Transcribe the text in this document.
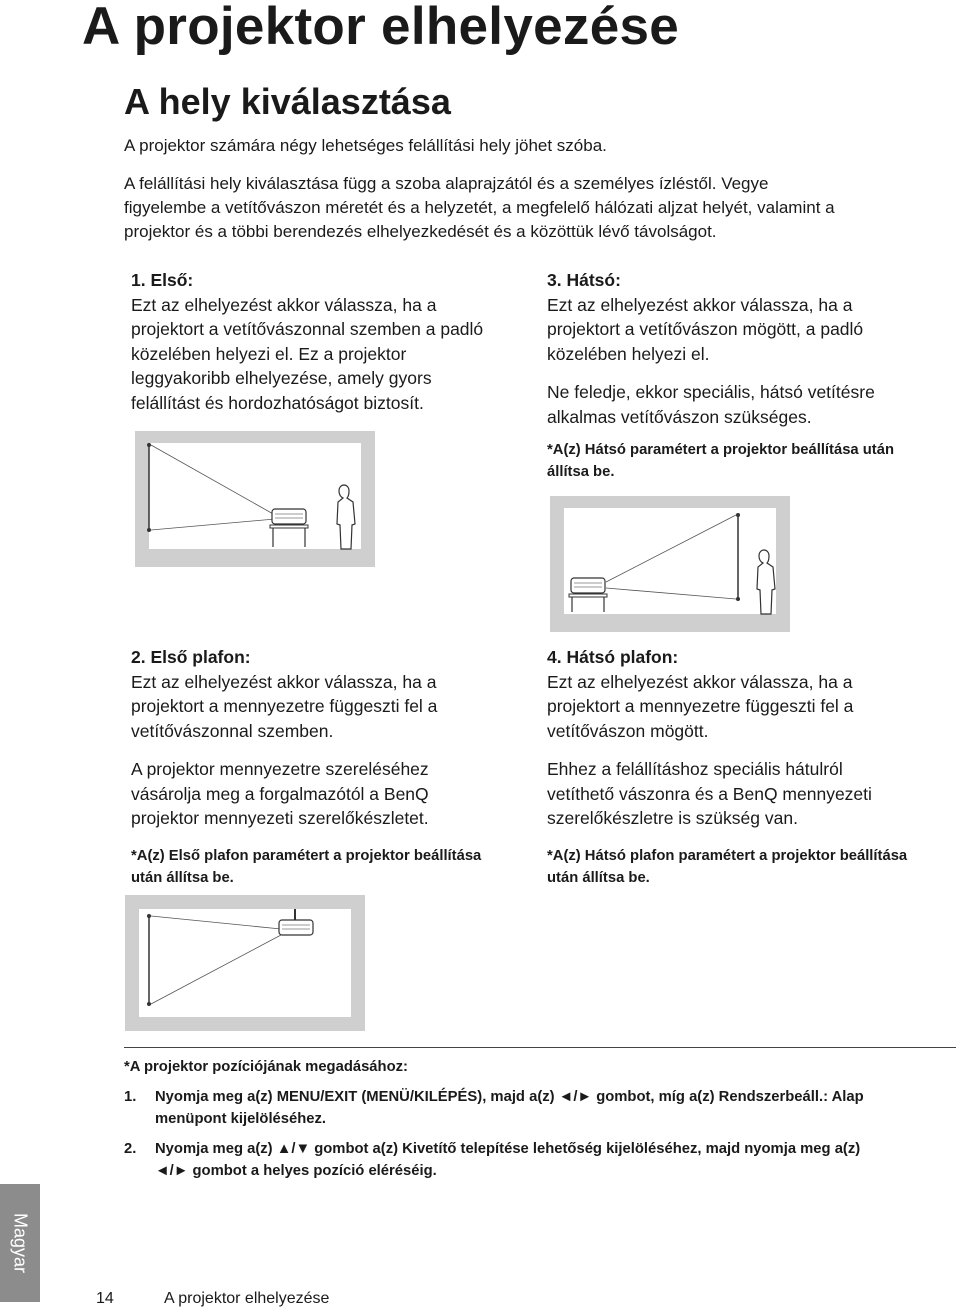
A projektor elhelyezése
A hely kiválasztása

A projektor számára négy lehetséges felállítási hely jöhet szóba.

A felállítási hely kiválasztása függ a szoba alaprajzától és a személyes ízléstől. Vegye
figyelembe a vetítővászon méretét és a helyzetét, a megfelelő hálózati aljzat helyét, valamint a
projektor és a többi berendezés elhelyezkedését és a közöttük lévő távolságot.
1. Első:
Ezt az elhelyezést akkor válassza, ha a
projektort a vetítővászonnal szemben a padló
közelében helyezi el. Ez a projektor
leggyakoribb elhelyezése, amely gyors
felállítást és hordozhatóságot biztosít.
3. Hátsó:
Ezt az elhelyezést akkor válassza, ha a
projektort a vetítővászon mögött, a padló
közelében helyezi el.
Ne feledje, ekkor speciális, hátsó vetítésre
alkalmas vetítővászon szükséges.
*A(z) Hátsó paramétert a projektor beállítása után
állítsa be.
2. Első plafon:
Ezt az elhelyezést akkor válassza, ha a
projektort a mennyezetre függeszti fel a
vetítővászonnal szemben.
A projektor mennyezetre szereléséhez
vásárolja meg a forgalmazótól a BenQ
projektor mennyezeti szerelőkészletet.
*A(z) Első plafon paramétert a projektor beállítása
után állítsa be.
4. Hátsó plafon:
Ezt az elhelyezést akkor válassza, ha a
projektort a mennyezetre függeszti fel a
vetítővászon mögött.
Ehhez a felállításhoz speciális hátulról
vetíthető vászonra és a BenQ mennyezeti
szerelőkészletre is szükség van.
*A(z) Hátsó plafon paramétert a projektor beállítása
után állítsa be.
*A projektor pozíciójának megadásához:
1. Nyomja meg a(z) MENU/EXIT (MENÜ/KILÉPÉS), majd a(z) ◄/► gombot, míg a(z) Rendszerbeáll.: Alap
menüpont kijelöléséhez.
2. Nyomja meg a(z) ▲/▼ gombot a(z) Kivetítő telepítése lehetőség kijelöléséhez, majd nyomja meg a(z)
◄/► gombot a helyes pozíció eléréséig.
Magyar
14	A projektor elhelyezése
